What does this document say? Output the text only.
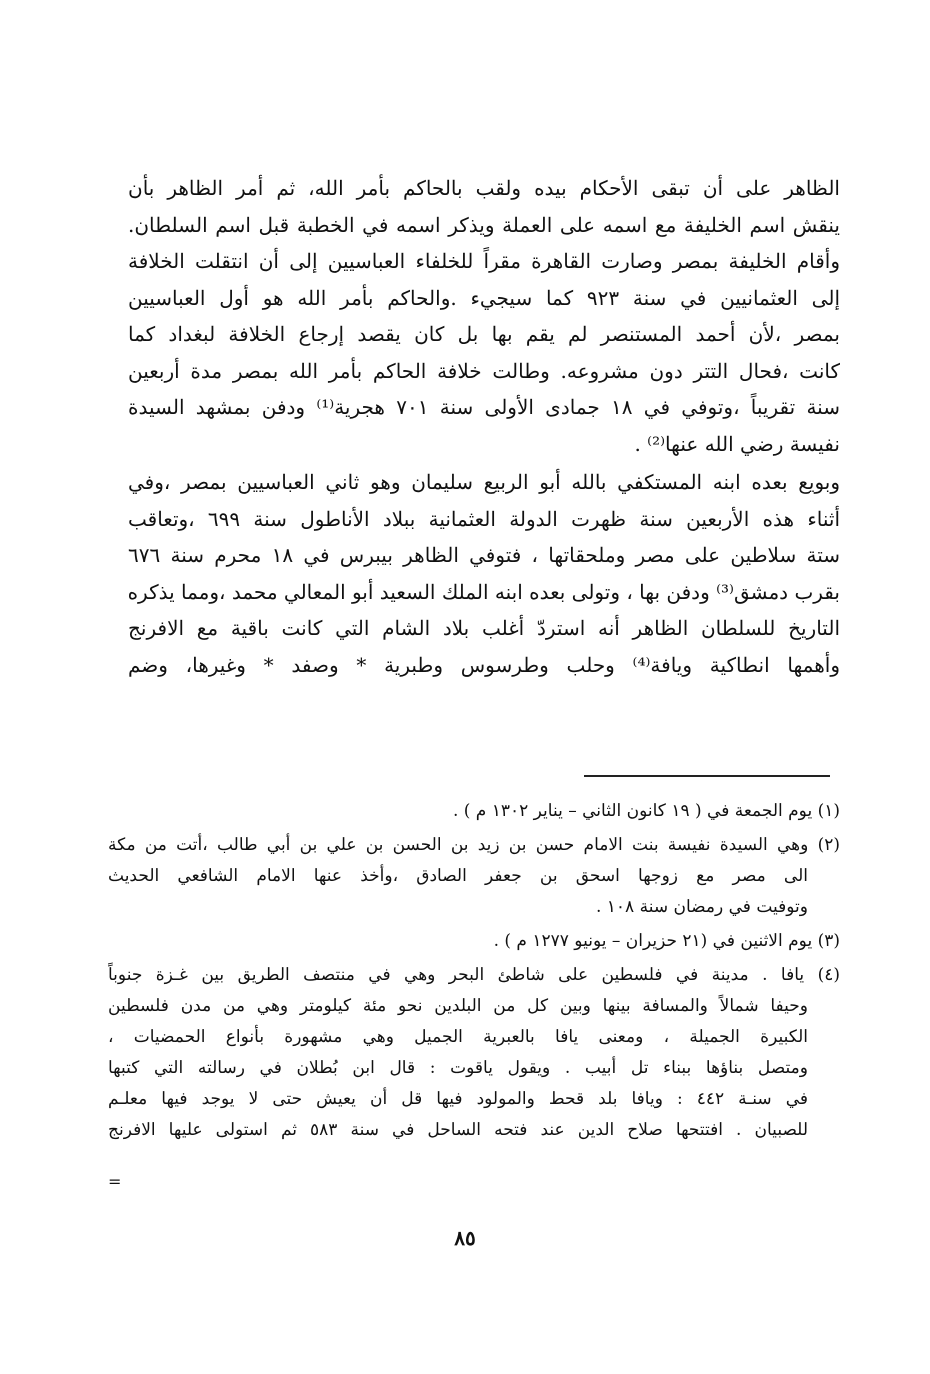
الظاهر على أن تبقى الأحكام بيده ولقب بالحاكم بأمر الله، ثم أمر الظاهر بأن
ينقش اسم الخليفة مع اسمه على العملة ويذكر اسمه في الخطبة قبل اسم السلطان.
وأقام الخليفة بمصر وصارت القاهرة مقراً للخلفاء العباسيين إلى أن انتقلت الخلافة
إلى العثمانيين في سنة ٩٢٣ كما سيجيء .والحاكم بأمر الله هو أول العباسيين
بمصر ،لأن أحمد المستنصر لم يقم بها بل كان يقصد إرجاع الخلافة لبغداد كما
كانت ،فحال التتر دون مشروعه. وطالت خلافة الحاكم بأمر الله بمصر مدة أربعين
سنة تقريباً ،وتوفي في ١٨ جمادى الأولى سنة ٧٠١ هجرية⁽¹⁾ ودفن بمشهد السيدة
نفيسة رضي الله عنها⁽²⁾ .

وبويع بعده ابنه المستكفي بالله أبو الربيع سليمان وهو ثاني العباسيين بمصر ،وفي
أثناء هذه الأربعين سنة ظهرت الدولة العثمانية ببلاد الأناطول سنة ٦٩٩ ،وتعاقب
ستة سلاطين على مصر وملحقاتها ، فتوفي الظاهر بيبرس في ١٨ محرم سنة ٦٧٦
بقرب دمشق⁽³⁾ ودفن بها ، وتولى بعده ابنه الملك السعيد أبو المعالي محمد ،ومما يذكره
التاريخ للسلطان الظاهر أنه استردّ أغلب بلاد الشام التي كانت باقية مع الافرنج
وأهمها انطاكية ويافة⁽⁴⁾ وحلب وطرسوس وطبرية * وصفد * وغيرها، وضم

(١) يوم الجمعة في ( ١٩ كانون الثاني – يناير ١٣٠٢ م ) .
(٢) وهي السيدة نفيسة بنت الامام حسن بن زيد بن الحسن بن علي بن أبي طالب ،أتت من مكة
الى مصر مع زوجها اسحق بن جعفر الصادق ،وأخذ عنها الامام الشافعي الحديث
وتوفيت في رمضان سنة ١٠٨ .
(٣) يوم الاثنين في (٢١ حزيران – يونيو ١٢٧٧ م ) .
(٤) يافا . مدينة في فلسطين على شاطئ البحر وهي في منتصف الطريق بين غـزة جنوباً
وحيفا شمالاً والمسافة بينها وبين كل من البلدين نحو مئة كيلومتر وهي من مدن فلسطين
الكبيرة الجميلة ، ومعنى يافا بالعبرية الجميل وهي مشهورة بأنواع الحمضيات ،
ومتصل بناؤها ببناء تل أبيب . ويقول ياقوت : قال ابن بُطلان في رسالته التي كتبها
في سنـة ٤٤٢ : ويافا بلد قحط والمولود فيها قل أن يعيش حتى لا يوجد فيها معلـم
للصبيان . افتتحها صلاح الدين عند فتحه الساحل في سنة ٥٨٣ ثم استولى عليها الافرنج
=
٨٥
